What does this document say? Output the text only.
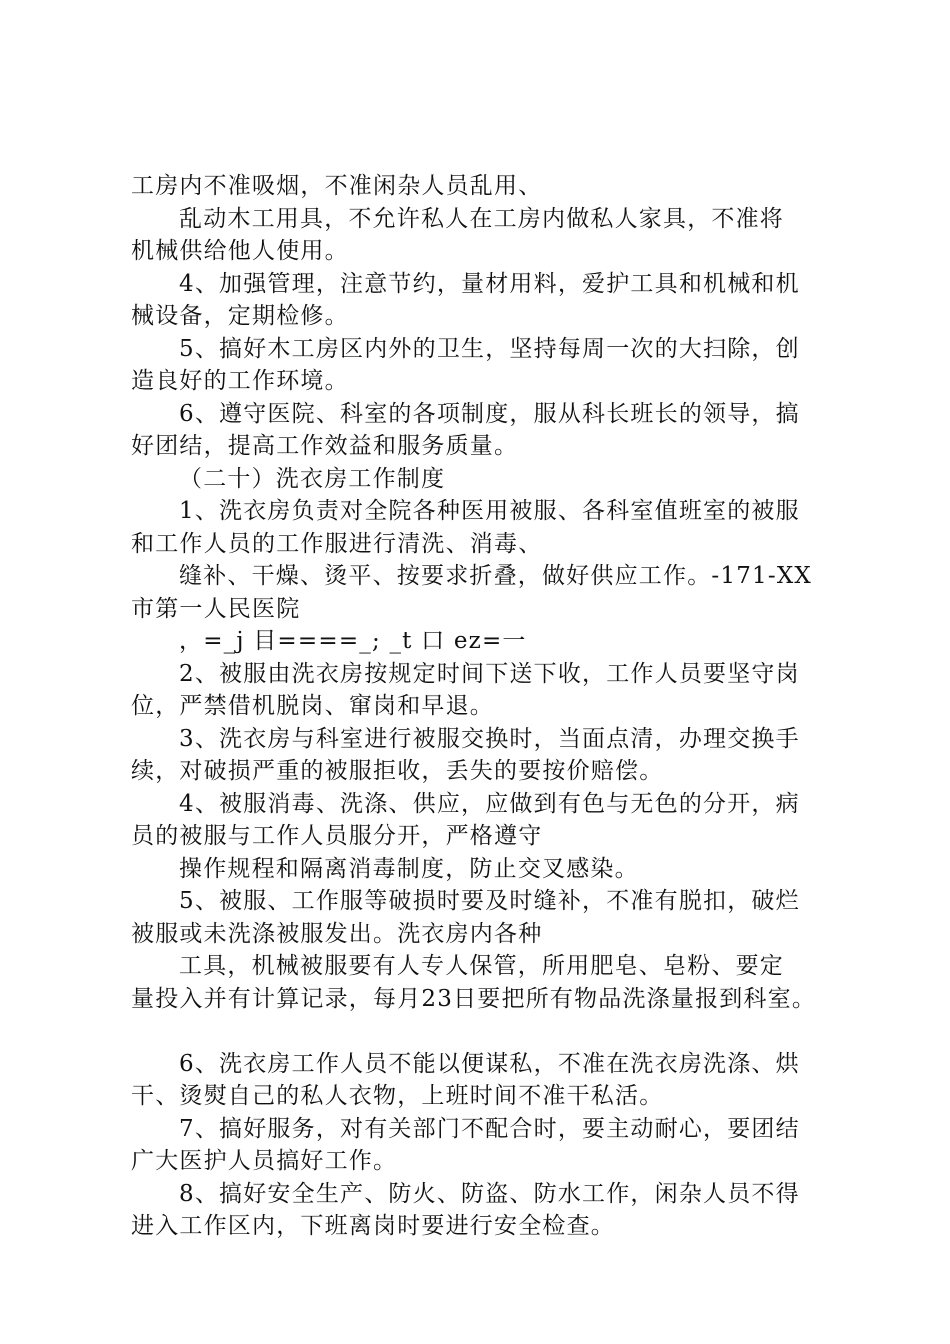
工房内不准吸烟，不准闲杂人员乱用、
乱动木工用具，不允许私人在工房内做私人家具，不准将
机械供给他人使用。
4、加强管理，注意节约，量材用料，爱护工具和机械和机
械设备，定期检修。
5、搞好木工房区内外的卫生，坚持每周一次的大扫除，创
造良好的工作环境。
6、遵守医院、科室的各项制度，服从科长班长的领导，搞
好团结，提高工作效益和服务质量。
（二十）洗衣房工作制度
1、洗衣房负责对全院各种医用被服、各科室值班室的被服
和工作人员的工作服进行清洗、消毒、
缝补、干燥、烫平、按要求折叠，做好供应工作。-171-XX
市第一人民医院
，=_j 目====_; _t 口 ez=一
2、被服由洗衣房按规定时间下送下收，工作人员要坚守岗
位，严禁借机脱岗、窜岗和早退。
3、洗衣房与科室进行被服交换时，当面点清，办理交换手
续，对破损严重的被服拒收，丢失的要按价赔偿。
4、被服消毒、洗涤、供应，应做到有色与无色的分开，病
员的被服与工作人员服分开，严格遵守
操作规程和隔离消毒制度，防止交叉感染。
5、被服、工作服等破损时要及时缝补，不准有脱扣，破烂
被服或未洗涤被服发出。洗衣房内各种
工具，机械被服要有人专人保管，所用肥皂、皂粉、要定
量投入并有计算记录，每月23日要把所有物品洗涤量报到科室。
6、洗衣房工作人员不能以便谋私，不准在洗衣房洗涤、烘
干、烫熨自己的私人衣物，上班时间不准干私活。
7、搞好服务，对有关部门不配合时，要主动耐心，要团结
广大医护人员搞好工作。
8、搞好安全生产、防火、防盗、防水工作，闲杂人员不得
进入工作区内，下班离岗时要进行安全检查。
